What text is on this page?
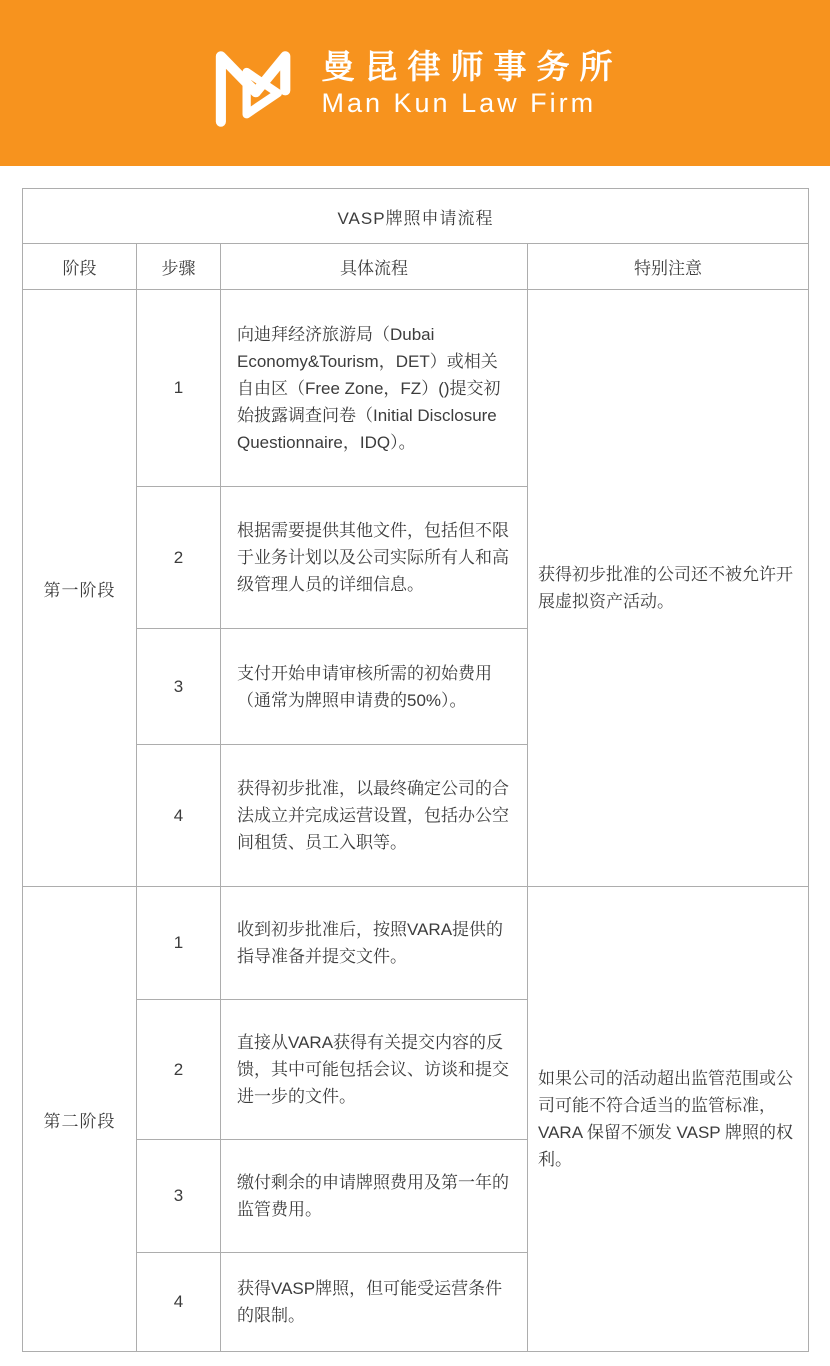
曼昆律师事务所
Man Kun Law Firm
VASP牌照申请流程			
阶段	步骤	具体流程	特别注意
第一阶段	1	向迪拜经济旅游局（Dubai Economy&Tourism，DET）或相关自由区（Free Zone，FZ）()提交初始披露调查问卷（Initial Disclosure Questionnaire，IDQ）。	获得初步批准的公司还不被允许开展虚拟资产活动。
	2	根据需要提供其他文件，包括但不限于业务计划以及公司实际所有人和高级管理人员的详细信息。	
	3	支付开始申请审核所需的初始费用（通常为牌照申请费的50%）。	
	4	获得初步批准，以最终确定公司的合法成立并完成运营设置，包括办公空间租赁、员工入职等。	
第二阶段	1	收到初步批准后，按照VARA提供的指导准备并提交文件。	如果公司的活动超出监管范围或公司可能不符合适当的监管标准，VARA 保留不颁发 VASP 牌照的权利。
	2	直接从VARA获得有关提交内容的反馈，其中可能包括会议、访谈和提交进一步的文件。	
	3	缴付剩余的申请牌照费用及第一年的监管费用。	
	4	获得VASP牌照，但可能受运营条件的限制。	
